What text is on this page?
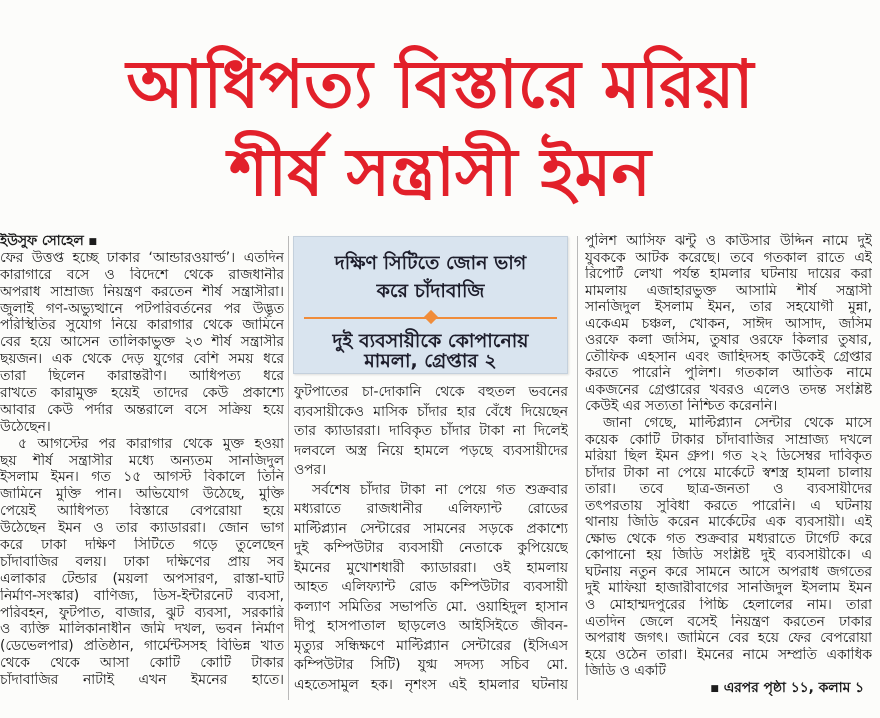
আধিপত্য বিস্তারে মরিয়া
শীর্ষ সন্ত্রাসী ইমন
ইউসুফ সোহেল ■
ফের উত্তপ্ত হচ্ছে ঢাকার ‘আন্ডারওয়ার্ল্ড’। এতদিন
কারাগারে বসে ও বিদেশে থেকে রাজধানীর
অপরাধ সাম্রাজ্য নিয়ন্ত্রণ করতেন শীর্ষ সন্ত্রাসীরা।
জুলাই গণ-অভ্যুত্থানে পটপরিবর্তনের পর উদ্ভূত
পরিস্থিতির সুযোগ নিয়ে কারাগার থেকে জামিনে
বের হয়ে আসেন তালিকাভুক্ত ২৩ শীর্ষ সন্ত্রাসীর
ছয়জন। এক থেকে দেড় যুগের বেশি সময় ধরে
তারা ছিলেন কারান্তরীণ। আধিপত্য ধরে
রাখতে কারামুক্ত হয়েই তাদের কেউ প্রকাশ্যে
আবার কেউ পর্দার অন্তরালে বসে সক্রিয় হয়ে
উঠেছেন।
৫ আগস্টের পর কারাগার থেকে মুক্ত হওয়া
ছয় শীর্ষ সন্ত্রাসীর মধ্যে অন্যতম সানজিদুল
ইসলাম ইমন। গত ১৫ আগস্ট বিকালে তিনি
জামিনে মুক্তি পান। অভিযোগ উঠেছে, মুক্তি
পেয়েই আধিপত্য বিস্তারে বেপরোয়া হয়ে
উঠেছেন ইমন ও তার ক্যাডাররা। জোন ভাগ
করে ঢাকা দক্ষিণ সিটিতে গড়ে তুলেছেন
চাঁদাবাজির বলয়। ঢাকা দক্ষিণের প্রায় সব
এলাকার টেন্ডার (ময়লা অপসারণ, রাস্তা-ঘাট
নির্মাণ-সংস্কার) বাণিজ্য, ডিস-ইন্টারনেট ব্যবসা,
পরিবহন, ফুটপাত, বাজার, ঝুট ব্যবসা, সরকারি
ও ব্যক্তি মালিকানাধীন জমি দখল, ভবন নির্মাণ
(ডেভেলপার) প্রতিষ্ঠান, গার্মেন্টসসহ বিভিন্ন খাত
থেকে থেকে আসা কোটি কোটি টাকার
চাঁদাবাজির নাটাই এখন ইমনের হাতে।
দক্ষিণ সিটিতে জোন ভাগ
করে চাঁদাবাজি
দুই ব্যবসায়ীকে কোপানোয়
মামলা, গ্রেপ্তার ২
ফুটপাতের চা-দোকানি থেকে বহুতল ভবনের
ব্যবসায়ীকেও মাসিক চাঁদার হার বেঁধে দিয়েছেন
তার ক্যাডাররা। দাবিকৃত চাঁদার টাকা না দিলেই
দলবলে অস্ত্র নিয়ে হামলে পড়ছে ব্যবসায়ীদের
ওপর।
সর্বশেষ চাঁদার টাকা না পেয়ে গত শুক্রবার
মধ্যরাতে রাজধানীর এলিফ্যান্ট রোডের
মাল্টিপ্ল্যান সেন্টারের সামনের সড়কে প্রকাশ্যে
দুই কম্পিউটার ব্যবসায়ী নেতাকে কুপিয়েছে
ইমনের মুখোশধারী ক্যাডাররা। ওই হামলায়
আহত এলিফ্যান্ট রোড কম্পিউটার ব্যবসায়ী
কল্যাণ সমিতির সভাপতি মো. ওয়াহিদুল হাসান
দীপু হাসপাতাল ছাড়লেও আইসিইতে জীবন-
মৃত্যুর সন্ধিক্ষণে মাল্টিপ্ল্যান সেন্টারের (ইসিএস
কম্পিউটার সিটি) যুগ্ম সদস্য সচিব মো.
এহতেসামুল হক। নৃশংস এই হামলার ঘটনায়
পুলিশ আসিফ ঝন্টু ও কাউসার উদ্দিন নামে দুই
যুবককে আটক করেছে। তবে গতকাল রাতে এই
রিপোর্ট লেখা পর্যন্ত হামলার ঘটনায় দায়ের করা
মামলায় এজাহারভুক্ত আসামি শীর্ষ সন্ত্রাসী
সানজিদুল ইসলাম ইমন, তার সহযোগী মুন্না,
একেএম চঞ্চল, খোকন, সাঈদ আসাদ, জসিম
ওরফে কলা জসিম, তুষার ওরফে কিলার তুষার,
তৌফিক এহসান এবং জাহিদসহ কাউকেই গ্রেপ্তার
করতে পারেনি পুলিশ। গতকাল আতিক নামে
একজনের গ্রেপ্তারের খবরও এলেও তদন্ত সংশ্লিষ্ট
কেউই এর সত্যতা নিশ্চিত করেননি।
জানা গেছে, মাল্টিপ্ল্যান সেন্টার থেকে মাসে
কয়েক কোটি টাকার চাঁদাবাজির সাম্রাজ্য দখলে
মরিয়া ছিল ইমন গ্রুপ। গত ২২ ডিসেম্বর দাবিকৃত
চাঁদার টাকা না পেয়ে মার্কেটে স্বশস্ত্র হামলা চালায়
তারা। তবে ছাত্র-জনতা ও ব্যবসায়ীদের
তৎপরতায় সুবিধা করতে পারেনি। এ ঘটনায়
থানায় জিডি করেন মার্কেটের এক ব্যবসায়ী। এই
ক্ষোভ থেকে গত শুক্রবার মধ্যরাতে টার্গেট করে
কোপানো হয় জিডি সংশ্লিষ্ট দুই ব্যবসায়ীকে। এ
ঘটনায় নতুন করে সামনে আসে অপরাধ জগতের
দুই মাফিয়া হাজারীবাগের সানজিদুল ইসলাম ইমন
ও মোহাম্মদপুরের পিচ্চি হেলালের নাম। তারা
এতদিন জেলে বসেই নিয়ন্ত্রণ করতেন ঢাকার
অপরাধ জগৎ। জামিনে বের হয়ে ফের বেপরোয়া
হয়ে ওঠেন তারা। ইমনের নামে সম্প্রতি একাধিক
জিডি ও একটি
■ এরপর পৃষ্ঠা ১১, কলাম ১
